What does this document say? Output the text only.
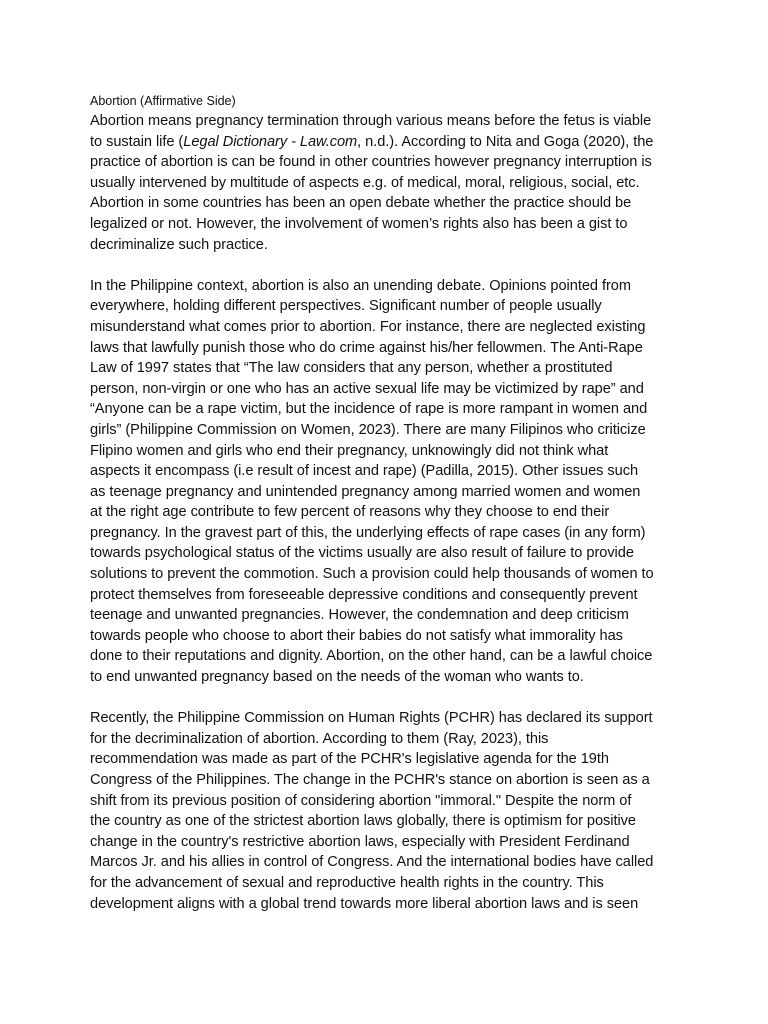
Abortion (Affirmative Side)
Abortion means pregnancy termination through various means before the fetus is viable
to sustain life (Legal Dictionary - Law.com, n.d.). According to Nita and Goga (2020), the
practice of abortion is can be found in other countries however pregnancy interruption is
usually intervened by multitude of aspects e.g. of medical, moral, religious, social, etc.
Abortion in some countries has been an open debate whether the practice should be
legalized or not. However, the involvement of women’s rights also has been a gist to
decriminalize such practice.
In the Philippine context, abortion is also an unending debate. Opinions pointed from
everywhere, holding different perspectives. Significant number of people usually
misunderstand what comes prior to abortion. For instance, there are neglected existing
laws that lawfully punish those who do crime against his/her fellowmen. The Anti-Rape
Law of 1997 states that “The law considers that any person, whether a prostituted
person, non-virgin or one who has an active sexual life may be victimized by rape” and
“Anyone can be a rape victim, but the incidence of rape is more rampant in women and
girls” (Philippine Commission on Women, 2023). There are many Filipinos who criticize
Flipino women and girls who end their pregnancy, unknowingly did not think what
aspects it encompass (i.e result of incest and rape) (Padilla, 2015). Other issues such
as teenage pregnancy and unintended pregnancy among married women and women
at the right age contribute to few percent of reasons why they choose to end their
pregnancy. In the gravest part of this, the underlying effects of rape cases (in any form)
towards psychological status of the victims usually are also result of failure to provide
solutions to prevent the commotion. Such a provision could help thousands of women to
protect themselves from foreseeable depressive conditions and consequently prevent
teenage and unwanted pregnancies. However, the condemnation and deep criticism
towards people who choose to abort their babies do not satisfy what immorality has
done to their reputations and dignity. Abortion, on the other hand, can be a lawful choice
to end unwanted pregnancy based on the needs of the woman who wants to.
Recently, the Philippine Commission on Human Rights (PCHR) has declared its support
for the decriminalization of abortion. According to them (Ray, 2023), this
recommendation was made as part of the PCHR's legislative agenda for the 19th
Congress of the Philippines. The change in the PCHR's stance on abortion is seen as a
shift from its previous position of considering abortion "immoral." Despite the norm of
the country as one of the strictest abortion laws globally, there is optimism for positive
change in the country's restrictive abortion laws, especially with President Ferdinand
Marcos Jr. and his allies in control of Congress. And the international bodies have called
for the advancement of sexual and reproductive health rights in the country. This
development aligns with a global trend towards more liberal abortion laws and is seen
